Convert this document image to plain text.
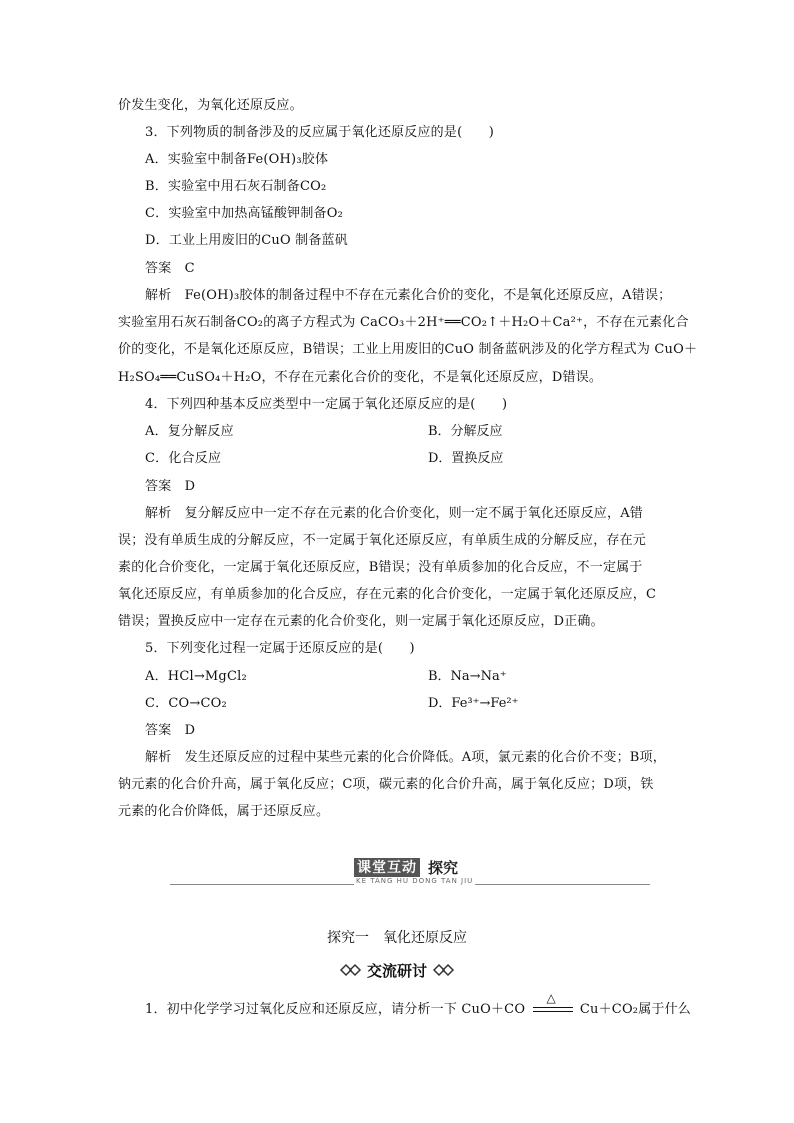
价发生变化，为氧化还原反应。
3．下列物质的制备涉及的反应属于氧化还原反应的是(　　)
A．实验室中制备Fe(OH)₃胶体
B．实验室中用石灰石制备CO₂
C．实验室中加热高锰酸钾制备O₂
D．工业上用废旧的CuO 制备蓝矾
答案　 C
解析　 Fe(OH)₃胶体的制备过程中不存在元素化合价的变化，不是氧化还原反应，A错误；
实验室用石灰石制备CO₂的离子方程式为 CaCO₃＋2H⁺══CO₂↑＋H₂O＋Ca²⁺，不存在元素化合
价的变化，不是氧化还原反应，B错误；工业上用废旧的CuO 制备蓝矾涉及的化学方程式为 CuO＋
H₂SO₄══CuSO₄＋H₂O，不存在元素化合价的变化，不是氧化还原反应，D错误。
4．下列四种基本反应类型中一定属于氧化还原反应的是(　　)
A．复分解反应	B．分解反应
C．化合反应	D．置换反应
答案　 D
解析　 复分解反应中一定不存在元素的化合价变化，则一定不属于氧化还原反应，A错
误；没有单质生成的分解反应，不一定属于氧化还原反应，有单质生成的分解反应，存在元
素的化合价变化，一定属于氧化还原反应，B错误；没有单质参加的化合反应，不一定属于
氧化还原反应，有单质参加的化合反应，存在元素的化合价变化，一定属于氧化还原反应，C
错误；置换反应中一定存在元素的化合价变化，则一定属于氧化还原反应，D正确。
5．下列变化过程一定属于还原反应的是(　　)
A．HCl→MgCl₂	B．Na→Na⁺
C．CO→CO₂	D．Fe³⁺→Fe²⁺
答案　 D
解析　 发生还原反应的过程中某些元素的化合价降低。A项，氯元素的化合价不变；B项，
钠元素的化合价升高，属于氧化反应；C项，碳元素的化合价升高，属于氧化反应；D项，铁
元素的化合价降低，属于还原反应。
课堂互动 探究
KE TANG HU DONG TAN JIU
探究一　氧化还原反应
交流研讨
1．初中化学学习过氧化反应和还原反应，请分析一下 CuO＋CO
△
Cu＋CO₂属于什么
